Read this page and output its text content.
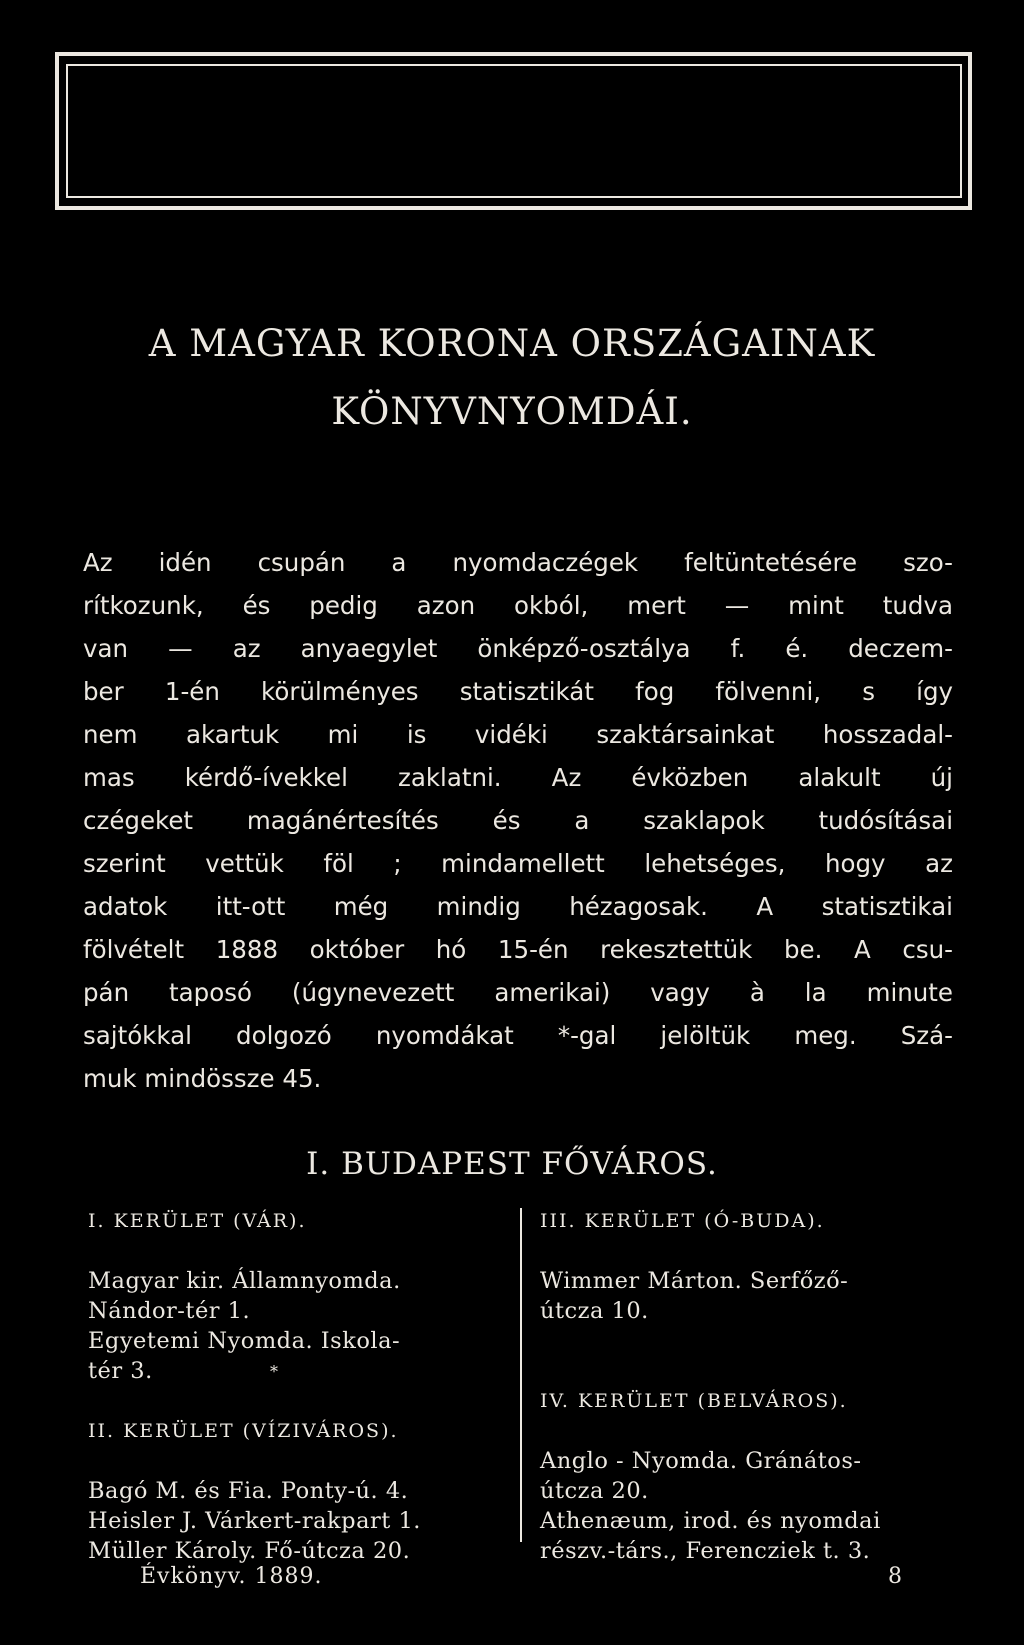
A MAGYAR KORONA ORSZÁGAINAK
KÖNYVNYOMDÁI.
Az idén csupán a nyomdaczégek feltüntetésére szo-
rítkozunk, és pedig azon okból, mert — mint tudva
van — az anyaegylet önképző-osztálya f. é. deczem-
ber 1-én körülményes statisztikát fog fölvenni, s így
nem akartuk mi is vidéki szaktársainkat hosszadal-
mas kérdő-ívekkel zaklatni. Az évközben alakult új
czégeket magánértesítés és a szaklapok tudósításai
szerint vettük föl ; mindamellett lehetséges, hogy az
adatok itt-ott még mindig hézagosak. A statisztikai
fölvételt 1888 október hó 15-én rekesztettük be. A csu-
pán taposó (úgynevezett amerikai) vagy à la minute
sajtókkal dolgozó nyomdákat *-gal jelöltük meg. Szá-
muk mindössze 45.
I. BUDAPEST FŐVÁROS.
I. KERÜLET (VÁR).
Magyar kir. Államnyomda.
Nándor-tér 1.
Egyetemi Nyomda. Iskola-
tér 3.
II. KERÜLET (VÍZIVÁROS).
Bagó M. és Fia. Ponty-ú. 4.
Heisler J. Várkert-rakpart 1.
Müller Károly. Fő-útcza 20.
III. KERÜLET (Ó-BUDA).
Wimmer Márton. Serfőző-
útcza 10.
IV. KERÜLET (BELVÁROS).
Anglo - Nyomda. Gránátos-
útcza 20.
Athenæum, irod. és nyomdai
részv.-társ., Ferencziek t. 3.
*
Évkönyv. 1889.	8
